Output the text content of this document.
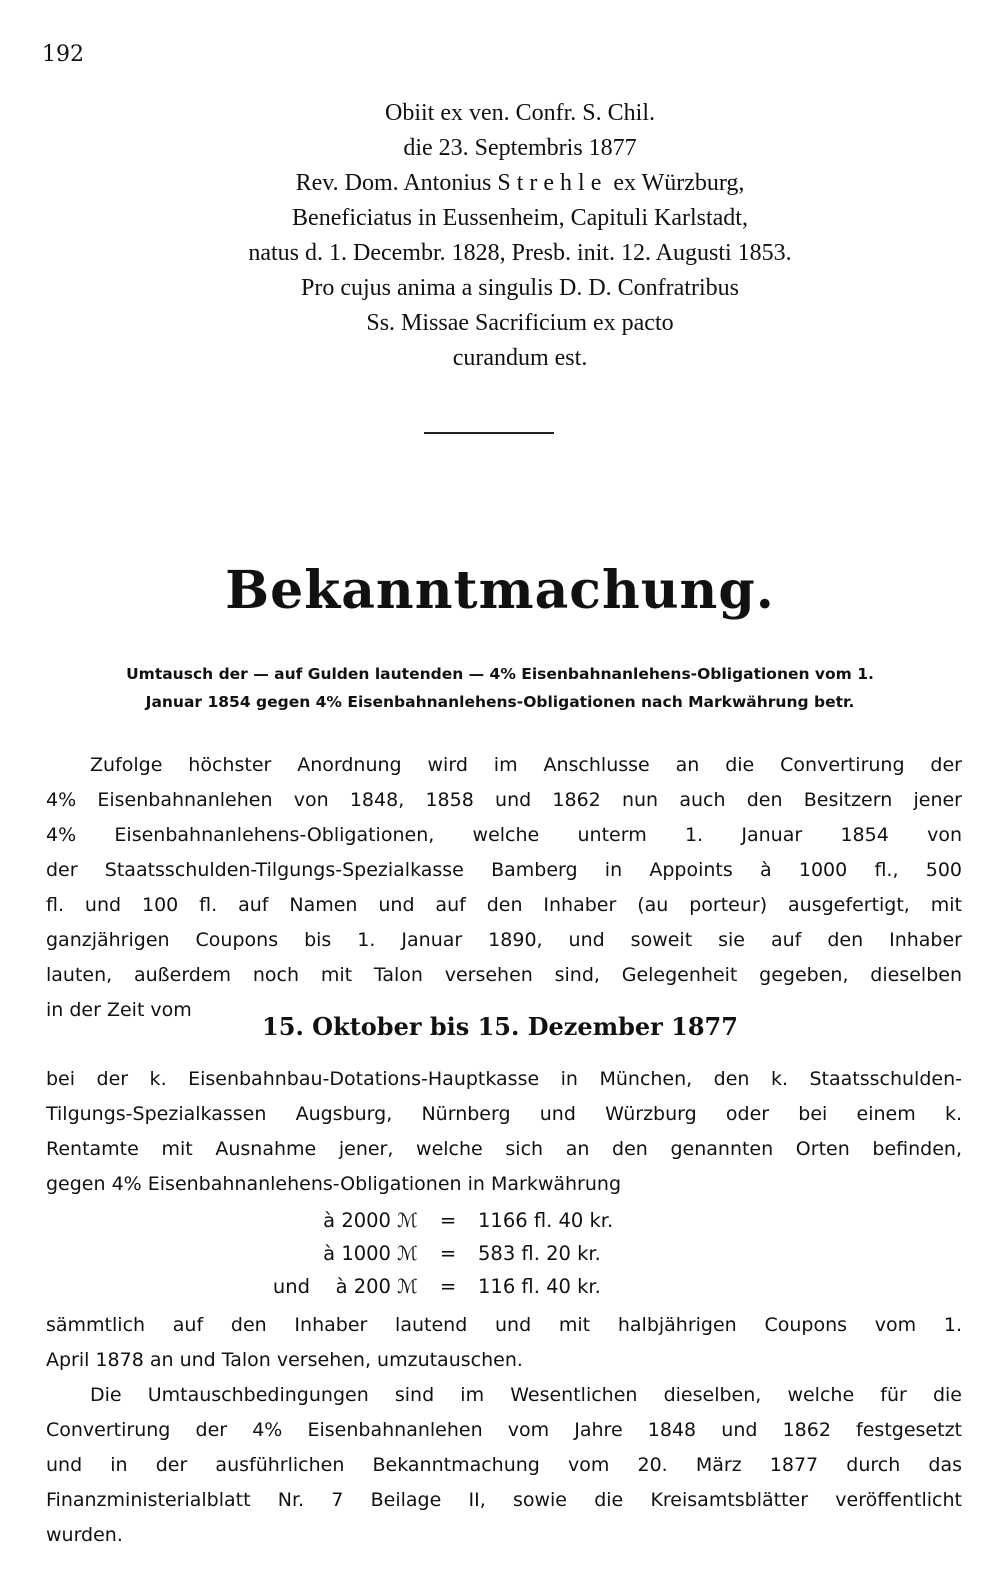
192
Obiit ex ven. Confr. S. Chil.
die 23. Septembris 1877
Rev. Dom. Antonius Strehle ex Würzburg,
Beneficiatus in Eussenheim, Capituli Karlstadt,
natus d. 1. Decembr. 1828, Presb. init. 12. Augusti 1853.
Pro cujus anima a singulis D. D. Confratribus
Ss. Missae Sacrificium ex pacto
curandum est.
Bekanntmachung.
Umtausch der — auf Gulden lautenden — 4% Eisenbahnanlehens-Obligationen vom 1.
Januar 1854 gegen 4% Eisenbahnanlehens-Obligationen nach Markwährung betr.
Zufolge höchster Anordnung wird im Anschlusse an die Convertirung der
4% Eisenbahnanlehen von 1848, 1858 und 1862 nun auch den Besitzern jener
4% Eisenbahnanlehens-Obligationen, welche unterm 1. Januar 1854 von
der Staatsschulden-Tilgungs-Spezialkasse Bamberg in Appoints à 1000 fl., 500
fl. und 100 fl. auf Namen und auf den Inhaber (au porteur) ausgefertigt, mit
ganzjährigen Coupons bis 1. Januar 1890, und soweit sie auf den Inhaber
lauten, außerdem noch mit Talon versehen sind, Gelegenheit gegeben, dieselben
in der Zeit vom
15. Oktober bis 15. Dezember 1877
bei der k. Eisenbahnbau-Dotations-Hauptkasse in München, den k. Staatsschulden-
Tilgungs-Spezialkassen Augsburg, Nürnberg und Würzburg oder bei einem k.
Rentamte mit Ausnahme jener, welche sich an den genannten Orten befinden,
gegen 4% Eisenbahnanlehens-Obligationen in Markwährung
à 2000 ℳ	=	1166 fl. 40 kr.
à 1000 ℳ	=	583 fl. 20 kr.
und	à 200 ℳ	=	116 fl. 40 kr.
sämmtlich auf den Inhaber lautend und mit halbjährigen Coupons vom 1.
April 1878 an und Talon versehen, umzutauschen.
Die Umtauschbedingungen sind im Wesentlichen dieselben, welche für die
Convertirung der 4% Eisenbahnanlehen vom Jahre 1848 und 1862 festgesetzt
und in der ausführlichen Bekanntmachung vom 20. März 1877 durch das
Finanzministerialblatt Nr. 7 Beilage II, sowie die Kreisamtsblätter veröffentlicht
wurden.
